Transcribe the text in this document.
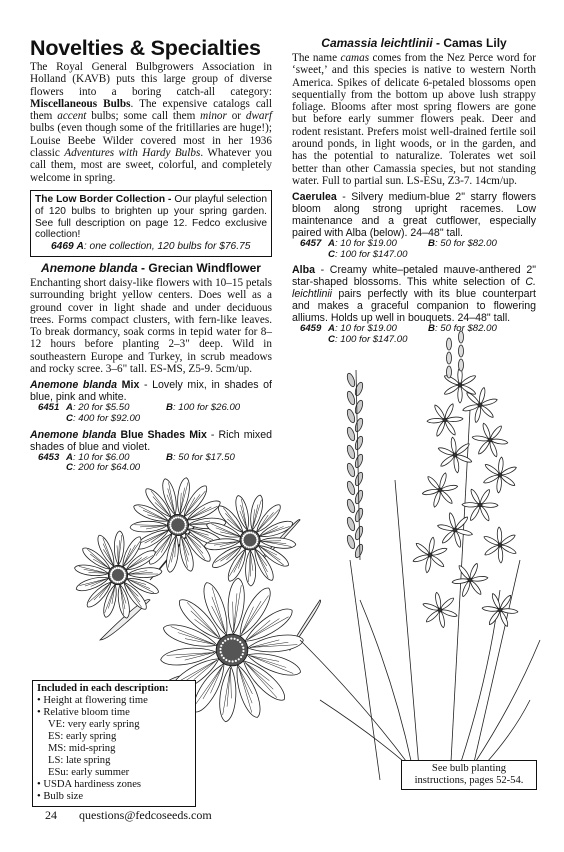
Novelties & Specialties

The Royal General Bulbgrowers Association in Holland (KAVB) puts this large group of diverse flowers into a boring catch-all category: Miscellaneous Bulbs. The expensive catalogs call them accent bulbs; some call them minor or dwarf bulbs (even though some of the fritillaries are huge!); Louise Beebe Wilder covered most in her 1936 classic Adventures with Hardy Bulbs. Whatever you call them, most are sweet, colorful, and completely welcome in spring.

The Low Border Collection - Our playful selection of 120 bulbs to brighten up your spring garden. See full description on page 12. Fedco exclusive collection!
6469 A: one collection, 120 bulbs for $76.75
Anemone blanda - Grecian Windflower

Enchanting short daisy-like flowers with 10–15 petals surrounding bright yellow centers. Does well as a ground cover in light shade and under deciduous trees. Forms compact clusters, with fern-like leaves. To break dormancy, soak corms in tepid water for 8–12 hours before planting 2–3" deep. Wild in southeastern Europe and Turkey, in scrub meadows and rocky scree. 3–6" tall. ES-MS, Z5-9. 5cm/up.

Anemone blanda Mix - Lovely mix, in shades of blue, pink and white.
6451 A: 20 for $5.50	B: 100 for $26.00
C: 400 for $92.00
Anemone blanda Blue Shades Mix - Rich mixed shades of blue and violet.
6453 A: 10 for $6.00	B: 50 for $17.50
C: 200 for $64.00
Camassia leichtlinii - Camas Lily

The name camas comes from the Nez Perce word for ‘sweet,’ and this species is native to western North America. Spikes of delicate 6-petaled blossoms open sequentially from the bottom up above lush strappy foliage. Blooms after most spring flowers are gone but before early summer flowers peak. Deer and rodent resistant. Prefers moist well-drained fertile soil around ponds, in light woods, or in the garden, and has the potential to naturalize. Tolerates wet soil better than other Camassia species, but not standing water. Full to partial sun. LS-ESu, Z3-7. 14cm/up.

Caerulea - Silvery medium-blue 2" starry flowers bloom along strong upright racemes. Low maintenance and a great cutflower, especially paired with Alba (below). 24–48" tall.
6457 A: 10 for $19.00	B: 50 for $82.00
C: 100 for $147.00
Alba - Creamy white–petaled mauve-anthered 2" star-shaped blossoms. This white selection of C. leichtlinii pairs perfectly with its blue counterpart and makes a graceful companion to flowering alliums. Holds up well in bouquets. 24–48" tall.
6459 A: 10 for $19.00	B: 50 for $82.00
C: 100 for $147.00
Included in each description:
• Height at flowering time
• Relative bloom time
VE: very early spring
ES: early spring
MS: mid-spring
LS: late spring
ESu: early summer
• USDA hardiness zones
• Bulb size
See bulb planting instructions, pages 52-54.
24 questions@fedcoseeds.com
